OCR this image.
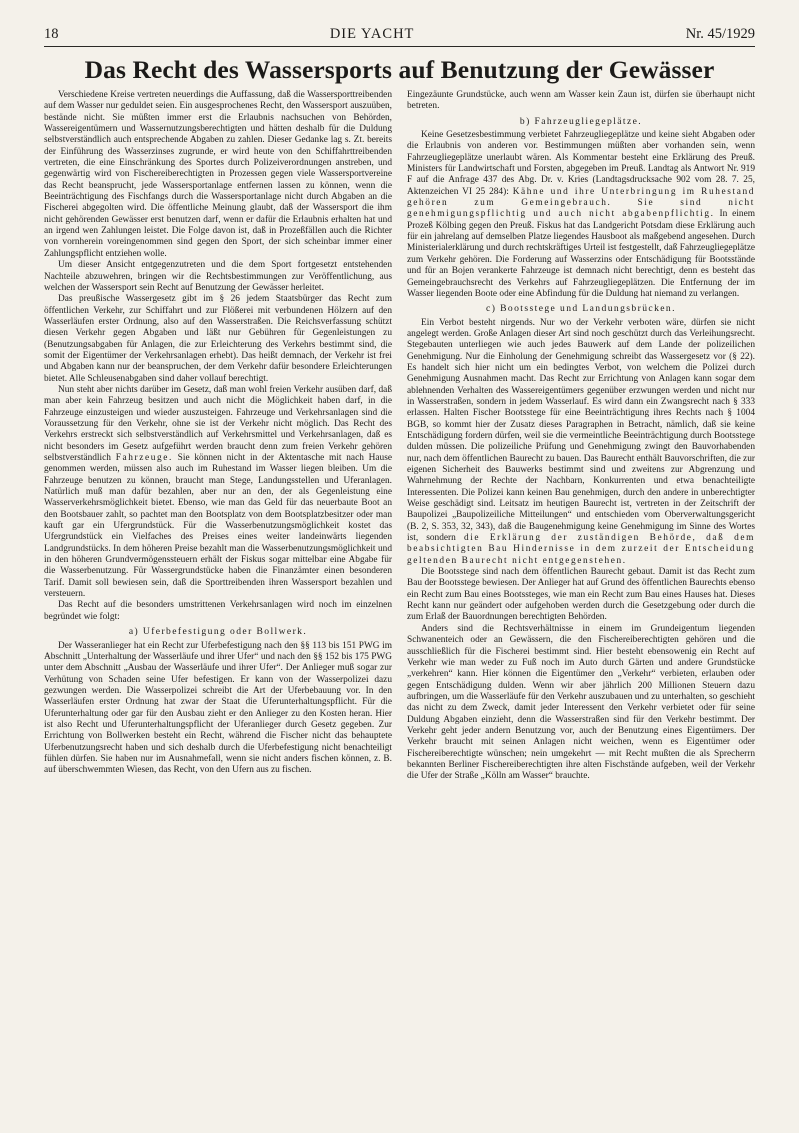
18	DIE YACHT	Nr. 45/1929
Das Recht des Wassersports auf Benutzung der Gewässer

Verschiedene Kreise vertreten neuerdings die Auffassung, daß die Wassersporttreibenden auf dem Wasser nur geduldet seien. Ein ausgesprochenes Recht, den Wassersport auszuüben, bestände nicht. Sie müßten immer erst die Erlaubnis nachsuchen von Behörden, Wassereigentümern und Wassernutzungsberechtigten und hätten deshalb für die Duldung selbstverständlich auch entsprechende Abgaben zu zahlen. Dieser Gedanke lag s. Zt. bereits der Einführung des Wasserzinses zugrunde, er wird heute von den Schiffahrttreibenden vertreten, die eine Einschränkung des Sportes durch Polizeiverordnungen anstreben, und gegenwärtig wird von Fischereiberechtigten in Prozessen gegen viele Wassersportvereine das Recht beansprucht, jede Wassersportanlage entfernen lassen zu können, wenn die Beeinträchtigung des Fischfangs durch die Wassersportanlage nicht durch Abgaben an die Fischerei abgegolten wird. Die öffentliche Meinung glaubt, daß der Wassersport die ihm nicht gehörenden Gewässer erst benutzen darf, wenn er dafür die Erlaubnis erhalten hat und an irgend wen Zahlungen leistet. Die Folge davon ist, daß in Prozeßfällen auch die Richter von vornherein voreingenommen sind gegen den Sport, der sich scheinbar immer einer Zahlungspflicht entziehen wolle.

Um dieser Ansicht entgegenzutreten und die dem Sport fortgesetzt entstehenden Nachteile abzuwehren, bringen wir die Rechtsbestimmungen zur Veröffentlichung, aus welchen der Wassersport sein Recht auf Benutzung der Gewässer herleitet.

Das preußische Wassergesetz gibt im § 26 jedem Staatsbürger das Recht zum öffentlichen Verkehr, zur Schiffahrt und zur Flößerei mit verbundenen Hölzern auf den Wasserläufen erster Ordnung, also auf den Wasserstraßen. Die Reichsverfassung schützt diesen Verkehr gegen Abgaben und läßt nur Gebühren für Gegenleistungen zu (Benutzungsabgaben für Anlagen, die zur Erleichterung des Verkehrs bestimmt sind, die somit der Eigentümer der Verkehrsanlagen erhebt). Das heißt demnach, der Verkehr ist frei und Abgaben kann nur der beanspruchen, der dem Verkehr dafür besondere Erleichterungen bietet. Alle Schleusenabgaben sind daher vollauf berechtigt.

Nun steht aber nichts darüber im Gesetz, daß man wohl freien Verkehr ausüben darf, daß man aber kein Fahrzeug besitzen und auch nicht die Möglichkeit haben darf, in die Fahrzeuge einzusteigen und wieder auszusteigen. Fahrzeuge und Verkehrsanlagen sind die Voraussetzung für den Verkehr, ohne sie ist der Verkehr nicht möglich. Das Recht des Verkehrs erstreckt sich selbstverständlich auf Verkehrsmittel und Verkehrsanlagen, daß es nicht besonders im Gesetz aufgeführt werden braucht denn zum freien Verkehr gehören selbstverständlich Fahrzeuge. Sie können nicht in der Aktentasche mit nach Hause genommen werden, müssen also auch im Ruhestand im Wasser liegen bleiben. Um die Fahrzeuge benutzen zu können, braucht man Stege, Landungsstellen und Uferanlagen. Natürlich muß man dafür bezahlen, aber nur an den, der als Gegenleistung eine Wasserverkehrsmöglichkeit bietet. Ebenso, wie man das Geld für das neuerbaute Boot an den Bootsbauer zahlt, so pachtet man den Bootsplatz von dem Bootsplatzbesitzer oder man kauft gar ein Ufergrundstück. Für die Wasserbenutzungsmöglichkeit kostet das Ufergrundstück ein Vielfaches des Preises eines weiter landeinwärts liegenden Landgrundstücks. In dem höheren Preise bezahlt man die Wasserbenutzungsmöglichkeit und in den höheren Grundvermögenssteuern erhält der Fiskus sogar mittelbar eine Abgabe für die Wasserbenutzung. Für Wassergrundstücke haben die Finanzämter einen besonderen Tarif. Damit soll bewiesen sein, daß die Sporttreibenden ihren Wassersport bezahlen und versteuern.

Das Recht auf die besonders umstrittenen Verkehrsanlagen wird noch im einzelnen begründet wie folgt:

a) Uferbefestigung oder Bollwerk.

Der Wasseranlieger hat ein Recht zur Uferbefestigung nach den §§ 113 bis 151 PWG im Abschnitt „Unterhaltung der Wasserläufe und ihrer Ufer“ und nach den §§ 152 bis 175 PWG unter dem Abschnitt „Ausbau der Wasserläufe und ihrer Ufer“. Der Anlieger muß sogar zur Verhütung von Schaden seine Ufer befestigen. Er kann von der Wasserpolizei dazu gezwungen werden. Die Wasserpolizei schreibt die Art der Uferbebauung vor. In den Wasserläufen erster Ordnung hat zwar der Staat die Uferunterhaltungspflicht. Für die Uferunterhaltung oder gar für den Ausbau zieht er den Anlieger zu den Kosten heran. Hier ist also Recht und Uferunterhaltungspflicht der Uferanlieger durch Gesetz gegeben. Zur Errichtung von Bollwerken besteht ein Recht, während die Fischer nicht das behauptete Uferbenutzungsrecht haben und sich deshalb durch die Uferbefestigung nicht benachteiligt fühlen dürfen. Sie haben nur im Ausnahmefall, wenn sie nicht anders fischen können, z. B. auf überschwemmten Wiesen, das Recht, von den Ufern aus zu fischen.

Eingezäunte Grundstücke, auch wenn am Wasser kein Zaun ist, dürfen sie überhaupt nicht betreten.

b) Fahrzeugliegeplätze.

Keine Gesetzesbestimmung verbietet Fahrzeugliegeplätze und keine sieht Abgaben oder die Erlaubnis von anderen vor. Bestimmungen müßten aber vorhanden sein, wenn Fahrzeugliegeplätze unerlaubt wären. Als Kommentar besteht eine Erklärung des Preuß. Ministers für Landwirtschaft und Forsten, abgegeben im Preuß. Landtag als Antwort Nr. 919 F auf die Anfrage 437 des Abg. Dr. v. Kries (Landtagsdrucksache 902 vom 28. 7. 25, Aktenzeichen VI 25 284): Kähne und ihre Unterbringung im Ruhestand gehören zum Gemeingebrauch. Sie sind nicht genehmigungspflichtig und auch nicht abgabenpflichtig. In einem Prozeß Kölbing gegen den Preuß. Fiskus hat das Landgericht Potsdam diese Erklärung auch für ein jahrelang auf demselben Platze liegendes Hausboot als maßgebend angesehen. Durch Ministerialerklärung und durch rechtskräftiges Urteil ist festgestellt, daß Fahrzeugliegeplätze zum Verkehr gehören. Die Forderung auf Wasserzins oder Entschädigung für Bootsstände und für an Bojen verankerte Fahrzeuge ist demnach nicht berechtigt, denn es besteht das Gemeingebrauchsrecht des Verkehrs auf Fahrzeugliegeplätzen. Die Entfernung der im Wasser liegenden Boote oder eine Abfindung für die Duldung hat niemand zu verlangen.

c) Bootsstege und Landungsbrücken.

Ein Verbot besteht nirgends. Nur wo der Verkehr verboten wäre, dürfen sie nicht angelegt werden. Große Anlagen dieser Art sind noch geschützt durch das Verleihungsrecht. Stegebauten unterliegen wie auch jedes Bauwerk auf dem Lande der polizeilichen Genehmigung. Nur die Einholung der Genehmigung schreibt das Wassergesetz vor (§ 22). Es handelt sich hier nicht um ein bedingtes Verbot, von welchem die Polizei durch Genehmigung Ausnahmen macht. Das Recht zur Errichtung von Anlagen kann sogar dem ablehnenden Verhalten des Wassereigentümers gegenüber erzwungen werden und nicht nur in Wasserstraßen, sondern in jedem Wasserlauf. Es wird dann ein Zwangsrecht nach § 333 erlassen. Halten Fischer Bootsstege für eine Beeinträchtigung ihres Rechts nach § 1004 BGB, so kommt hier der Zusatz dieses Paragraphen in Betracht, nämlich, daß sie keine Entschädigung fordern dürfen, weil sie die vermeintliche Beeinträchtigung durch Bootsstege dulden müssen. Die polizeiliche Prüfung und Genehmigung zwingt den Bauvorhabenden nur, nach dem öffentlichen Baurecht zu bauen. Das Baurecht enthält Bauvorschriften, die zur eigenen Sicherheit des Bauwerks bestimmt sind und zweitens zur Abgrenzung und Wahrnehmung der Rechte der Nachbarn, Konkurrenten und etwa benachteiligte Interessenten. Die Polizei kann keinen Bau genehmigen, durch den andere in unberechtigter Weise geschädigt sind. Leitsatz im heutigen Baurecht ist, vertreten in der Zeitschrift der Baupolizei „Baupolizeiliche Mitteilungen“ und entschieden vom Oberverwaltungsgericht (B. 2, S. 353, 32, 343), daß die Baugenehmigung keine Genehmigung im Sinne des Wortes ist, sondern die Erklärung der zuständigen Behörde, daß dem beabsichtigten Bau Hindernisse in dem zurzeit der Entscheidung geltenden Baurecht nicht entgegenstehen.

Die Bootsstege sind nach dem öffentlichen Baurecht gebaut. Damit ist das Recht zum Bau der Bootsstege bewiesen. Der Anlieger hat auf Grund des öffentlichen Baurechts ebenso ein Recht zum Bau eines Bootssteges, wie man ein Recht zum Bau eines Hauses hat. Dieses Recht kann nur geändert oder aufgehoben werden durch die Gesetzgebung oder durch die zum Erlaß der Bauordnungen berechtigten Behörden.

Anders sind die Rechtsverhältnisse in einem im Grundeigentum liegenden Schwanenteich oder an Gewässern, die den Fischereiberechtigten gehören und die ausschließlich für die Fischerei bestimmt sind. Hier besteht ebensowenig ein Recht auf Verkehr wie man weder zu Fuß noch im Auto durch Gärten und andere Grundstücke „verkehren“ kann. Hier können die Eigentümer den „Verkehr“ verbieten, erlauben oder gegen Entschädigung dulden. Wenn wir aber jährlich 200 Millionen Steuern dazu aufbringen, um die Wasserläufe für den Verkehr auszubauen und zu unterhalten, so geschieht das nicht zu dem Zweck, damit jeder Interessent den Verkehr verbietet oder für seine Duldung Abgaben einzieht, denn die Wasserstraßen sind für den Verkehr bestimmt. Der Verkehr geht jeder andern Benutzung vor, auch der Benutzung eines Eigentümers. Der Verkehr braucht mit seinen Anlagen nicht weichen, wenn es Eigentümer oder Fischereiberechtigte wünschen; nein umgekehrt — mit Recht mußten die als Sprecherrn bekannten Berliner Fischereiberechtigten ihre alten Fischstände aufgeben, weil der Verkehr die Ufer der Straße „Kölln am Wasser“ brauchte.
